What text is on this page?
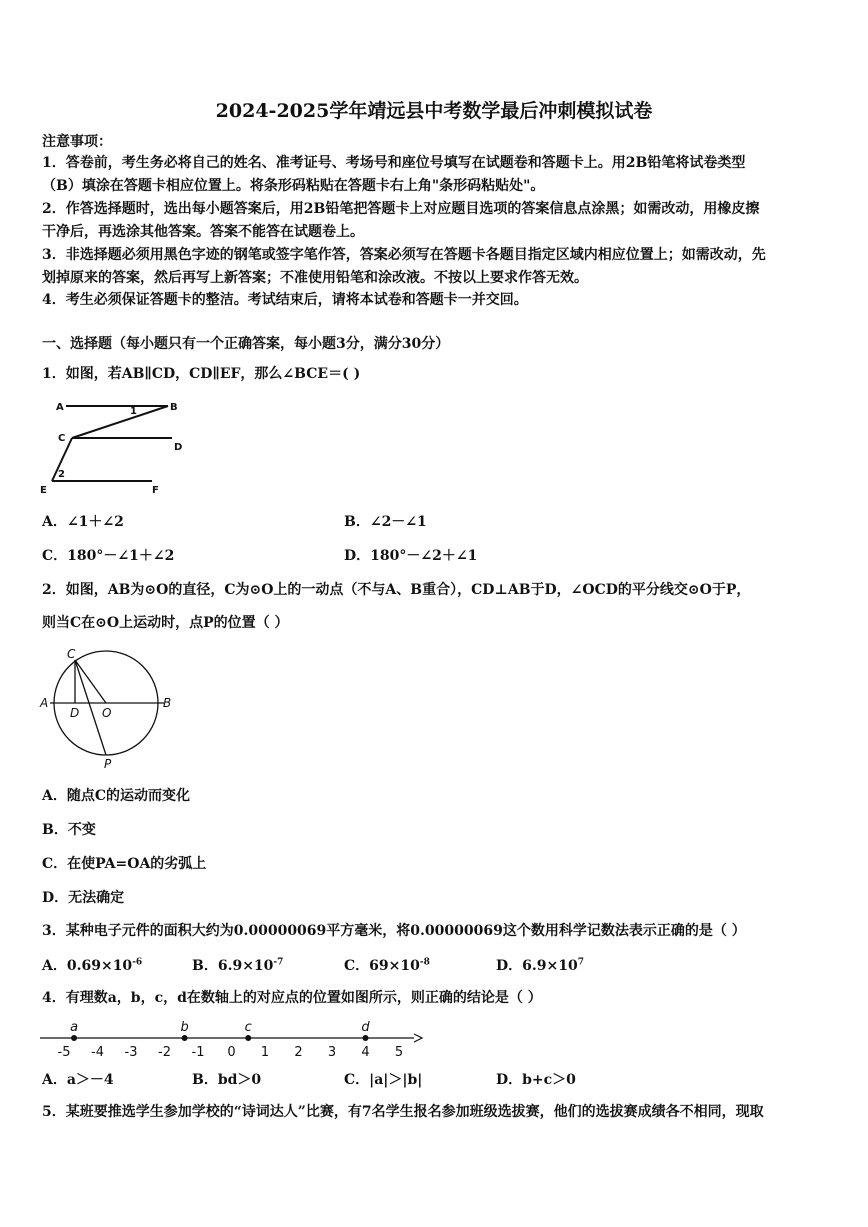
2024-2025学年靖远县中考数学最后冲刺模拟试卷
注意事项：
1．答卷前，考生务必将自己的姓名、准考证号、考场号和座位号填写在试题卷和答题卡上。用2B铅笔将试卷类型
（B）填涂在答题卡相应位置上。将条形码粘贴在答题卡右上角"条形码粘贴处"。
2．作答选择题时，选出每小题答案后，用2B铅笔把答题卡上对应题目选项的答案信息点涂黑；如需改动，用橡皮擦
干净后，再选涂其他答案。答案不能答在试题卷上。
3．非选择题必须用黑色字迹的钢笔或签字笔作答，答案必须写在答题卡各题目指定区域内相应位置上；如需改动，先
划掉原来的答案，然后再写上新答案；不准使用铅笔和涂改液。不按以上要求作答无效。
4．考生必须保证答题卡的整洁。考试结束后，请将本试卷和答题卡一并交回。
一、选择题（每小题只有一个正确答案，每小题3分，满分30分）
1．如图，若AB∥CD，CD∥EF，那么∠BCE＝( )
A	B
1
C
D
2
E	F
A．∠1＋∠2	B．∠2－∠1
C．180°－∠1＋∠2	D．180°－∠2＋∠1
2．如图，AB为⊙O的直径，C为⊙O上的一动点（不与A、B重合），CD⊥AB于D，∠OCD的平分线交⊙O于P，
则当C在⊙O上运动时，点P的位置（ ）
C
A	B
D O
P
A．随点C的运动而变化
B．不变
C．在使PA=OA的劣弧上
D．无法确定
3．某种电子元件的面积大约为0.00000069平方毫米，将0.00000069这个数用科学记数法表示正确的是（ ）
A．$0.69\times 10^{-6}$	B．$6.9\times 10^{-7}$	C．$69\times 10^{-8}$	D．$6.9\times 10^7$
4．有理数a，b，c，d在数轴上的对应点的位置如图所示，则正确的结论是（ ）
-5 -4 -3 -2 -1 0 1 2 3 4 5
a	b	c	d
A．a＞－4	B．bd＞0	C．|a|＞|b|	D．b+c＞0
5．某班要推选学生参加学校的“诗词达人”比赛，有7名学生报名参加班级选拔赛，他们的选拔赛成绩各不相同，现取
